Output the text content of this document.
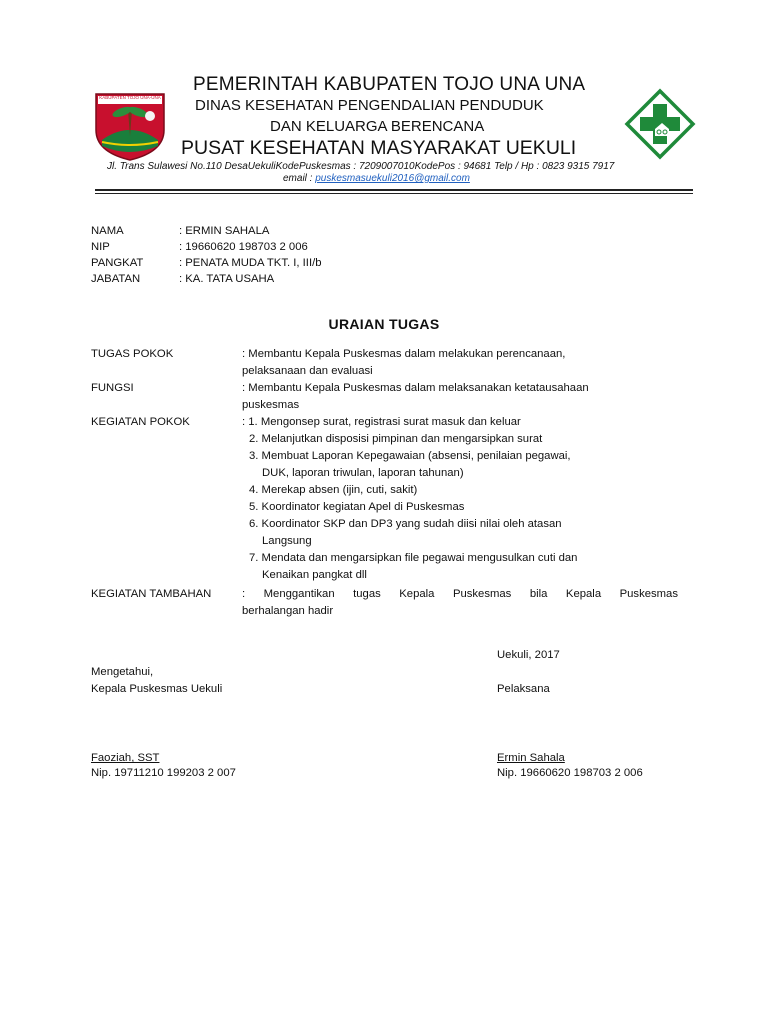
KABUPATEN TOJO UNA-UNA
PEMERINTAH KABUPATEN TOJO UNA UNA
DINAS KESEHATAN PENGENDALIAN PENDUDUK
DAN KELUARGA BERENCANA
PUSAT KESEHATAN MASYARAKAT UEKULI
Jl. Trans Sulawesi No.110 DesaUekuliKodePuskesmas : 7209007010KodePos : 94681 Telp / Hp : 0823 9315 7917
email : puskesmasuekuli2016@gmail.com
NAMA	: ERMIN SAHALA
NIP	: 19660620 198703 2 006
PANGKAT	: PENATA MUDA TKT. I, III/b
JABATAN	: KA. TATA USAHA
URAIAN TUGAS
TUGAS POKOK	: Membantu Kepala Puskesmas dalam melakukan perencanaan,
pelaksanaan dan evaluasi
FUNGSI	: Membantu Kepala Puskesmas dalam melaksanakan ketatausahaan
puskesmas
KEGIATAN POKOK	: 1. Mengonsep surat, registrasi surat masuk dan keluar
2. Melanjutkan disposisi pimpinan dan mengarsipkan surat
3. Membuat Laporan Kepegawaian (absensi, penilaian pegawai,
DUK, laporan triwulan, laporan tahunan)
4. Merekap absen (ijin, cuti, sakit)
5. Koordinator kegiatan Apel di Puskesmas
6. Koordinator SKP dan DP3 yang sudah diisi nilai oleh atasan
Langsung
7. Mendata dan mengarsipkan file pegawai mengusulkan cuti dan
Kenaikan pangkat dll
KEGIATAN TAMBAHAN	: Menggantikan tugas Kepala Puskesmas bila Kepala Puskesmas
berhalangan hadir
Uekuli, 2017
Mengetahui,
Kepala Puskesmas Uekuli	Pelaksana
Faoziah, SST
Nip. 19711210 199203 2 007
Ermin Sahala
Nip. 19660620 198703 2 006
